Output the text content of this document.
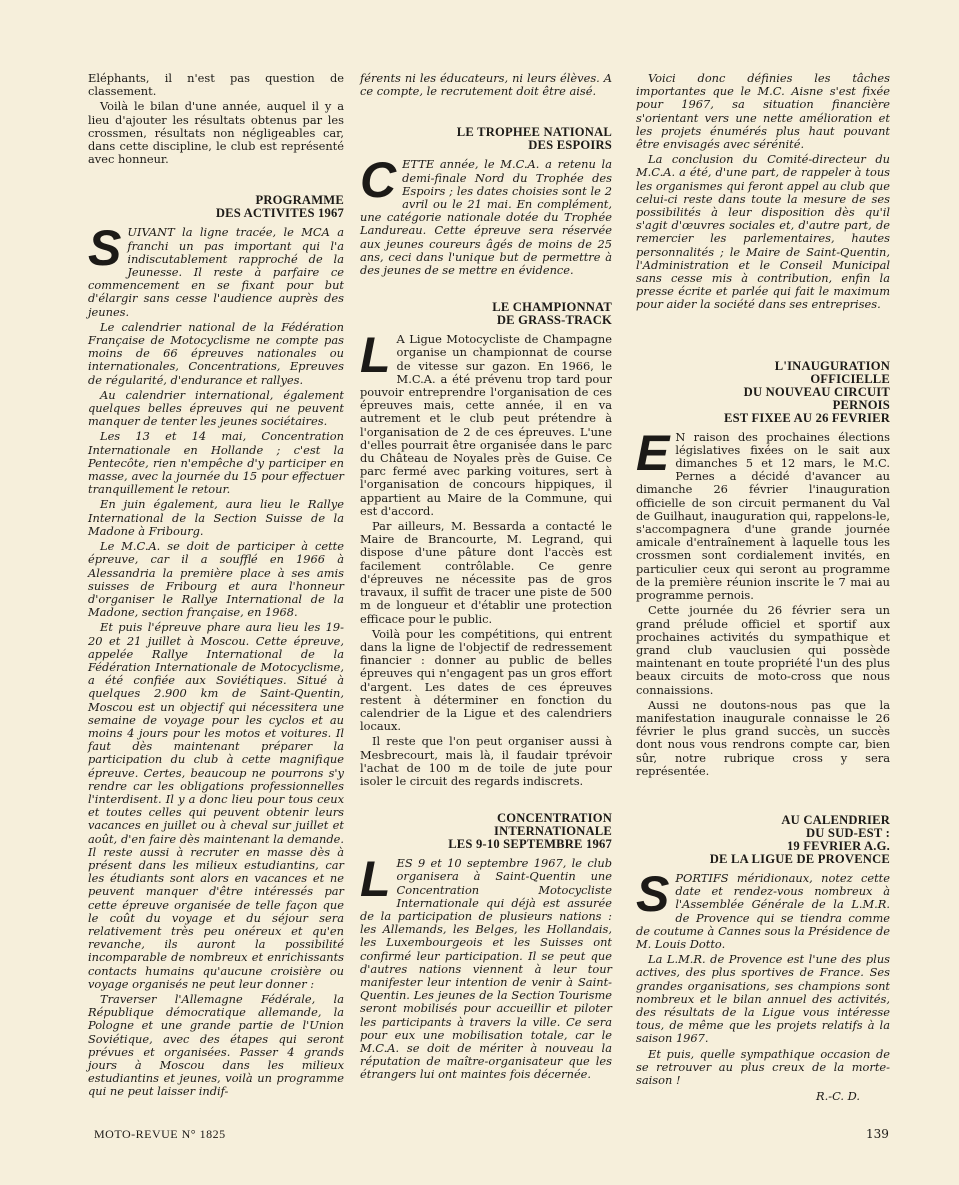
Eléphants, il n'est pas question de classement.

Voilà le bilan d'une année, auquel il y a lieu d'ajouter les résultats obtenus par les crossmen, résultats non négligeables car, dans cette discipline, le club est représenté avec honneur.

PROGRAMME
DES ACTIVITES 1967

SUIVANT la ligne tracée, le MCA a franchi un pas important qui l'a indiscutablement rapproché de la Jeunesse. Il reste à parfaire ce commencement en se fixant pour but d'élargir sans cesse l'audience auprès des jeunes.

Le calendrier national de la Fédération Française de Motocyclisme ne compte pas moins de 66 épreuves nationales ou internationales, Concentrations, Epreuves de régularité, d'endurance et rallyes.

Au calendrier international, également quelques belles épreuves qui ne peuvent manquer de tenter les jeunes sociétaires.

Les 13 et 14 mai, Concentration Internationale en Hollande ; c'est la Pentecôte, rien n'empêche d'y participer en masse, avec la journée du 15 pour effectuer tranquillement le retour.

En juin également, aura lieu le Rallye International de la Section Suisse de la Madone à Fribourg.

Le M.C.A. se doit de participer à cette épreuve, car il a soufflé en 1966 à Alessandria la première place à ses amis suisses de Fribourg et aura l'honneur d'organiser le Rallye International de la Madone, section française, en 1968.

Et puis l'épreuve phare aura lieu les 19-20 et 21 juillet à Moscou. Cette épreuve, appelée Rallye International de la Fédération Internationale de Motocyclisme, a été confiée aux Soviétiques. Situé à quelques 2.900 km de Saint-Quentin, Moscou est un objectif qui nécessitera une semaine de voyage pour les cyclos et au moins 4 jours pour les motos et voitures. Il faut dès maintenant préparer la participation du club à cette magnifique épreuve. Certes, beaucoup ne pourrons s'y rendre car les obligations professionnelles l'interdisent. Il y a donc lieu pour tous ceux et toutes celles qui peuvent obtenir leurs vacances en juillet ou à cheval sur juillet et août, d'en faire dès maintenant la demande. Il reste aussi à recruter en masse dès à présent dans les milieux estudiantins, car les étudiants sont alors en vacances et ne peuvent manquer d'être intéressés par cette épreuve organisée de telle façon que le coût du voyage et du séjour sera relativement très peu onéreux et qu'en revanche, ils auront la possibilité incomparable de nombreux et enrichissants contacts humains qu'aucune croisière ou voyage organisés ne peut leur donner :

Traverser l'Allemagne Fédérale, la République démocratique allemande, la Pologne et une grande partie de l'Union Soviétique, avec des étapes qui seront prévues et organisées. Passer 4 grands jours à Moscou dans les milieux estudiantins et jeunes, voilà un programme qui ne peut laisser indif-

férents ni les éducateurs, ni leurs élèves. A ce compte, le recrutement doit être aisé.

LE TROPHEE NATIONAL
DES ESPOIRS

CETTE année, le M.C.A. a retenu la demi-finale Nord du Trophée des Espoirs ; les dates choisies sont le 2 avril ou le 21 mai. En complément, une catégorie nationale dotée du Trophée Landureau. Cette épreuve sera réservée aux jeunes coureurs âgés de moins de 25 ans, ceci dans l'unique but de permettre à des jeunes de se mettre en évidence.

LE CHAMPIONNAT
DE GRASS-TRACK

L A Ligue Motocycliste de Champagne organise un championnat de course de vitesse sur gazon. En 1966, le M.C.A. a été prévenu trop tard pour pouvoir entreprendre l'organisation de ces épreuves mais, cette année, il en va autrement et le club peut prétendre à l'organisation de 2 de ces épreuves. L'une d'elles pourrait être organisée dans le parc du Château de Noyales près de Guise. Ce parc fermé avec parking voitures, sert à l'organisation de concours hippiques, il appartient au Maire de la Commune, qui est d'accord.

Par ailleurs, M. Bessarda a contacté le Maire de Brancourte, M. Legrand, qui dispose d'une pâture dont l'accès est facilement contrôlable. Ce genre d'épreuves ne nécessite pas de gros travaux, il suffit de tracer une piste de 500 m de longueur et d'établir une protection efficace pour le public.

Voilà pour les compétitions, qui entrent dans la ligne de l'objectif de redressement financier : donner au public de belles épreuves qui n'engagent pas un gros effort d'argent. Les dates de ces épreuves restent à déterminer en fonction du calendrier de la Ligue et des calendriers locaux.

Il reste que l'on peut organiser aussi à Mesbrecourt, mais là, il faudair tprévoir l'achat de 100 m de toile de jute pour isoler le circuit des regards indiscrets.

CONCENTRATION
INTERNATIONALE
LES 9-10 SEPTEMBRE 1967

LES 9 et 10 septembre 1967, le club organisera à Saint-Quentin une Concentration Motocycliste Internationale qui déjà est assurée de la participation de plusieurs nations : les Allemands, les Belges, les Hollandais, les Luxembourgeois et les Suisses ont confirmé leur participation. Il se peut que d'autres nations viennent à leur tour manifester leur intention de venir à Saint-Quentin. Les jeunes de la Section Tourisme seront mobilisés pour accueillir et piloter les participants à travers la ville. Ce sera pour eux une mobilisation totale, car le M.C.A. se doit de mériter à nouveau la réputation de maître-organisateur que les étrangers lui ont maintes fois décernée.

Voici donc définies les tâches importantes que le M.C. Aisne s'est fixée pour 1967, sa situation financière s'orientant vers une nette amélioration et les projets énumérés plus haut pouvant être envisagés avec sérénité.

La conclusion du Comité-directeur du M.C.A. a été, d'une part, de rappeler à tous les organismes qui feront appel au club que celui-ci reste dans toute la mesure de ses possibilités à leur disposition dès qu'il s'agit d'œuvres sociales et, d'autre part, de remercier les parlementaires, hautes personnalités ; le Maire de Saint-Quentin, l'Administration et le Conseil Municipal sans cesse mis à contribution, enfin la presse écrite et parlée qui fait le maximum pour aider la société dans ses entreprises.

L'INAUGURATION
OFFICIELLE
DU NOUVEAU CIRCUIT
PERNOIS
EST FIXEE AU 26 FEVRIER

E N raison des prochaines élections législatives fixées on le sait aux dimanches 5 et 12 mars, le M.C. Pernes a décidé d'avancer au dimanche 26 février l'inauguration officielle de son circuit permanent du Val de Guilhaut, inauguration qui, rappelons-le, s'accompagnera d'une grande journée amicale d'entraînement à laquelle tous les crossmen sont cordialement invités, en particulier ceux qui seront au programme de la première réunion inscrite le 7 mai au programme pernois.

Cette journée du 26 février sera un grand prélude officiel et sportif aux prochaines activités du sympathique et grand club vauclusien qui possède maintenant en toute propriété l'un des plus beaux circuits de moto-cross que nous connaissions.

Aussi ne doutons-nous pas que la manifestation inaugurale connaisse le 26 février le plus grand succès, un succès dont nous vous rendrons compte car, bien sûr, notre rubrique cross y sera représentée.

AU CALENDRIER
DU SUD-EST :
19 FEVRIER A.G.
DE LA LIGUE DE PROVENCE

SPORTIFS méridionaux, notez cette date et rendez-vous nombreux à l'Assemblée Générale de la L.M.R. de Provence qui se tiendra comme de coutume à Cannes sous la Présidence de M. Louis Dotto.

La L.M.R. de Provence est l'une des plus actives, des plus sportives de France. Ses grandes organisations, ses champions sont nombreux et le bilan annuel des activités, des résultats de la Ligue vous intéresse tous, de même que les projets relatifs à la saison 1967.

Et puis, quelle sympathique occasion de se retrouver au plus creux de la morte-saison !

R.-C. D.
MOTO-REVUE N° 1825	139
